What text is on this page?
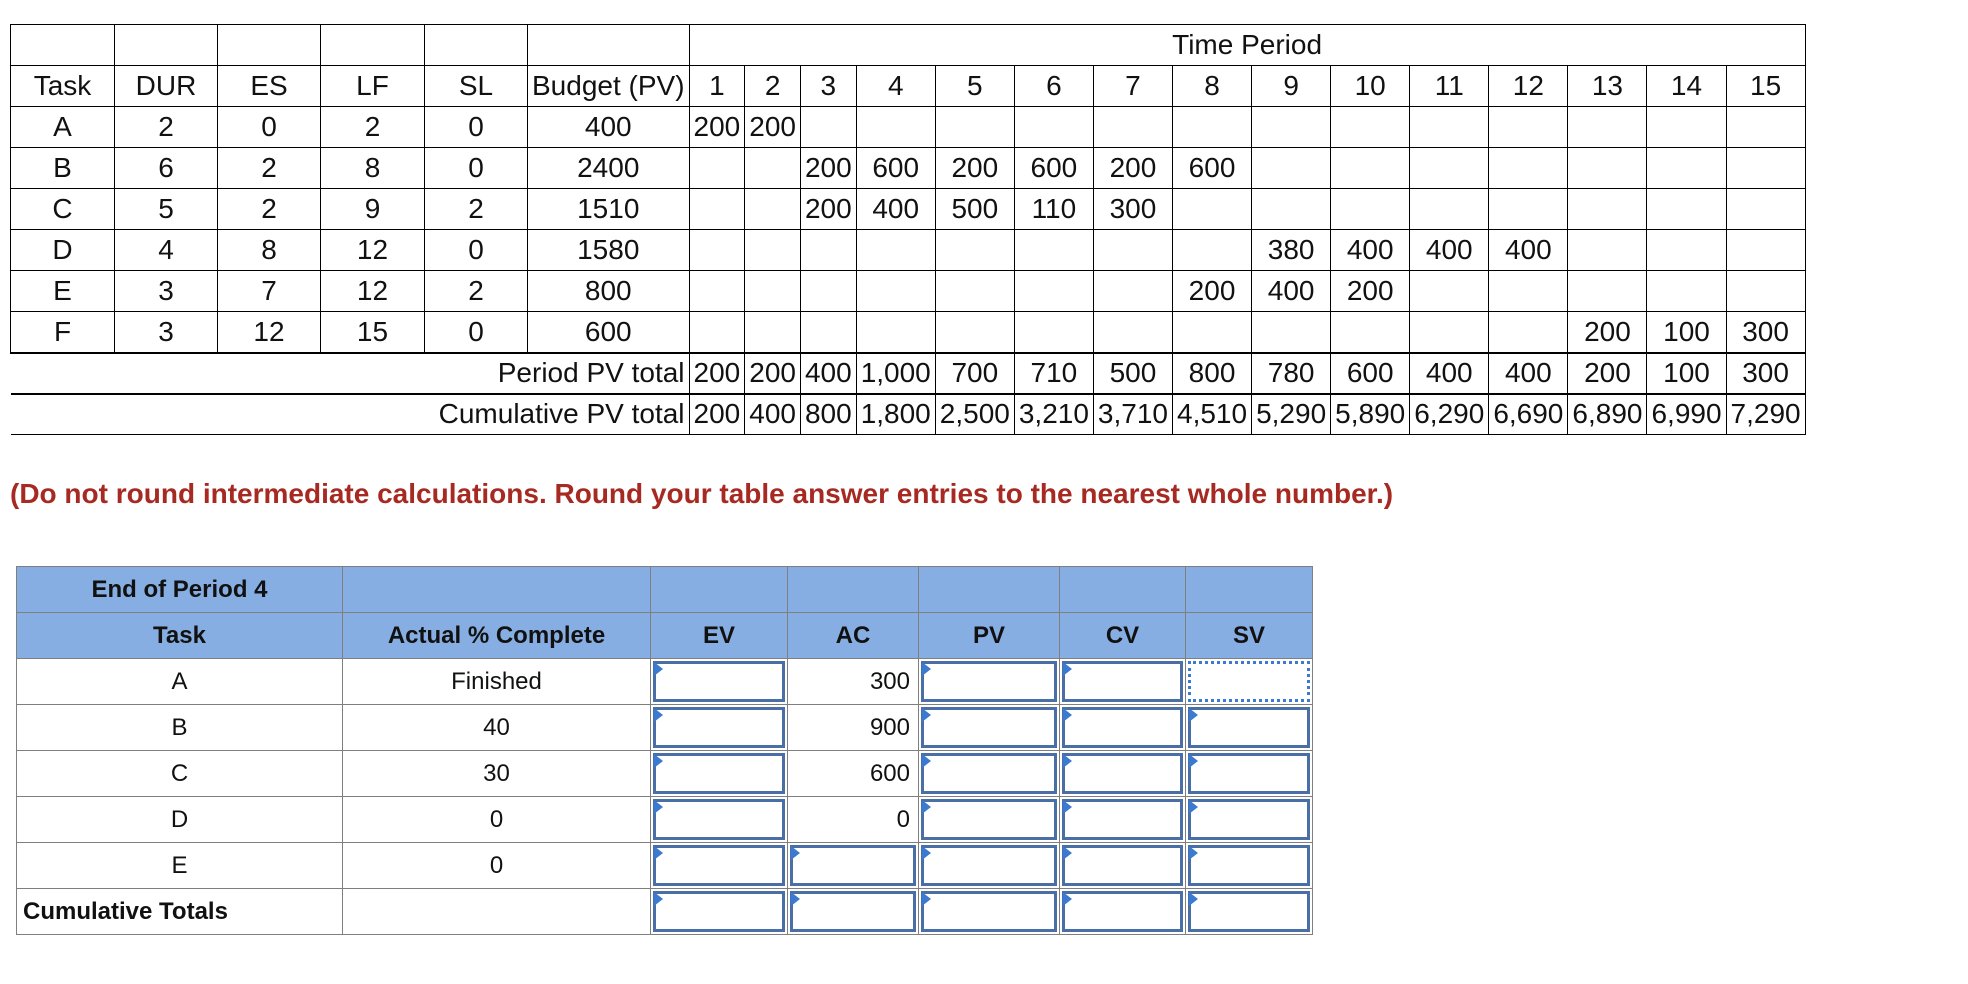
						Time Period														
Task	DUR	ES	LF	SL	Budget (PV)	1	2	3	4	5	6	7	8	9	10	11	12	13	14	15
A	2	0	2	0	400	200	200													
B	6	2	8	0	2400			200	600	200	600	200	600							
C	5	2	9	2	1510			200	400	500	110	300								
D	4	8	12	0	1580									380	400	400	400			
E	3	7	12	2	800								200	400	200					
F	3	12	15	0	600													200	100	300
Period PV total						200	200	400	1,000	700	710	500	800	780	600	400	400	200	100	300
Cumulative PV total						200	400	800	1,800	2,500	3,210	3,710	4,510	5,290	5,890	6,290	6,690	6,890	6,990	7,290
(Do not round intermediate calculations. Round your table answer entries to the nearest whole number.)
End of Period 4						
Task	Actual % Complete	EV	AC	PV	CV	SV
A	Finished		300	

B	40		900	

C	30		600	

D	0		0	

E	0	

Cumulative Totals		
